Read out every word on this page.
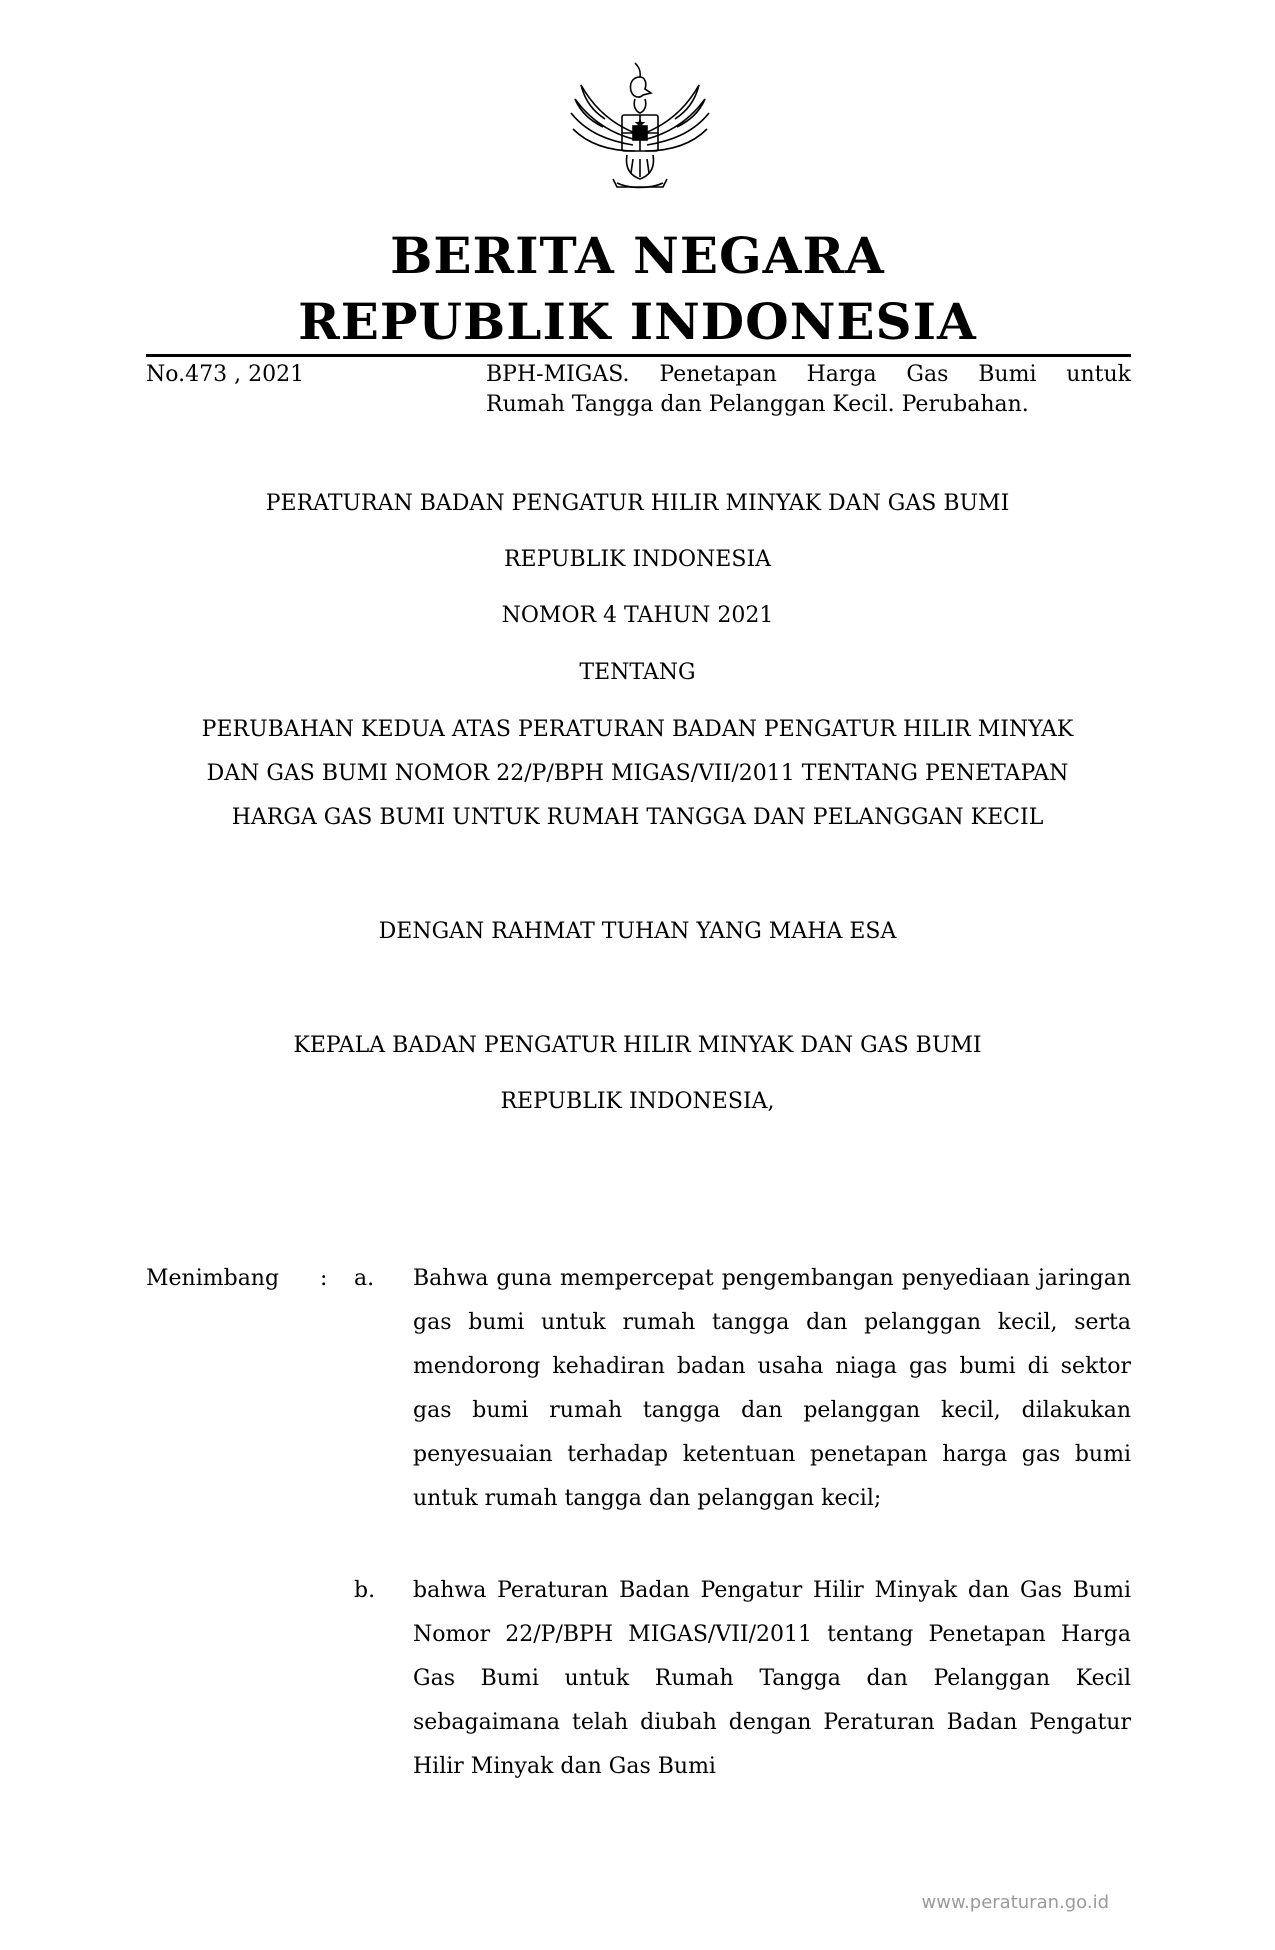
BERITA NEGARA
REPUBLIK INDONESIA
No.473 , 2021	BPH-MIGAS. Penetapan Harga Gas Bumi untuk
Rumah Tangga dan Pelanggan Kecil. Perubahan.
PERATURAN BADAN PENGATUR HILIR MINYAK DAN GAS BUMI
REPUBLIK INDONESIA
NOMOR 4 TAHUN 2021
TENTANG
PERUBAHAN KEDUA ATAS PERATURAN BADAN PENGATUR HILIR MINYAK
DAN GAS BUMI NOMOR 22/P/BPH MIGAS/VII/2011 TENTANG PENETAPAN
HARGA GAS BUMI UNTUK RUMAH TANGGA DAN PELANGGAN KECIL
DENGAN RAHMAT TUHAN YANG MAHA ESA
KEPALA BADAN PENGATUR HILIR MINYAK DAN GAS BUMI
REPUBLIK INDONESIA,
Menimbang : a. Bahwa guna mempercepat pengembangan penyediaan jaringan gas bumi untuk rumah tangga dan pelanggan kecil, serta mendorong kehadiran badan usaha niaga gas bumi di sektor gas bumi rumah tangga dan pelanggan kecil, dilakukan penyesuaian terhadap ketentuan penetapan harga gas bumi untuk rumah tangga dan pelanggan kecil;
b. bahwa Peraturan Badan Pengatur Hilir Minyak dan Gas Bumi Nomor 22/P/BPH MIGAS/VII/2011 tentang Penetapan Harga Gas Bumi untuk Rumah Tangga dan Pelanggan Kecil sebagaimana telah diubah dengan Peraturan Badan Pengatur Hilir Minyak dan Gas Bumi
www.peraturan.go.id
